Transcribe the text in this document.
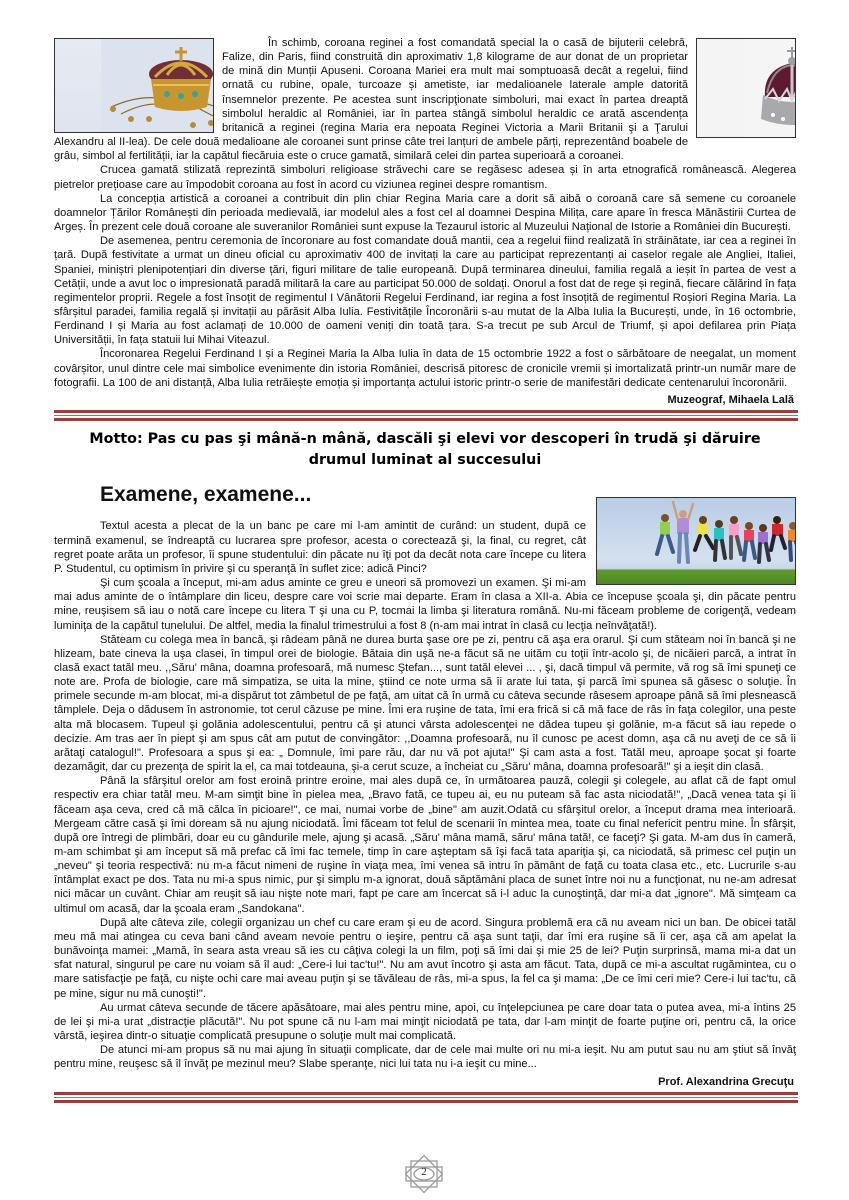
În schimb, coroana reginei a fost comandată special la o casă de bijuterii celebră, Falize, din Paris, fiind construită din aproximativ 1,8 kilograme de aur donat de un proprietar de mină din Munții Apuseni. Coroana Mariei era mult mai somptuoasă decât a regelui, fiind ornată cu rubine, opale, turcoaze și ametiste, iar medalioanele laterale ample datorită însemnelor prezente. Pe acestea sunt inscripţionate simboluri, mai exact în partea dreaptă simbolul heraldic al României, iar în partea stângă simbolul heraldic ce arată ascendența britanică a reginei (regina Maria era nepoata Reginei Victoria a Marii Britanii şi a Ţarului Alexandru al II-lea). De cele două medalioane ale coroanei sunt prinse câte trei lanțuri de ambele părți, reprezentând boabele de grâu, simbol al fertilității, iar la capătul fiecăruia este o cruce gamată, similară celei din partea superioară a coroanei.

Crucea gamată stilizată reprezintă simboluri religioase străvechi care se regăsesc adesea și în arta etnografică românească. Alegerea pietrelor prețioase care au împodobit coroana au fost în acord cu viziunea reginei despre romantism.

La concepția artistică a coroanei a contribuit din plin chiar Regina Maria care a dorit să aibă o coroană care să semene cu coroanele doamnelor Țărilor Românești din perioada medievală, iar modelul ales a fost cel al doamnei Despina Milița, care apare în fresca Mănăstirii Curtea de Argeș. În prezent cele două coroane ale suveranilor României sunt expuse la Tezaurul istoric al Muzeului Național de Istorie a României din București.

De asemenea, pentru ceremonia de încoronare au fost comandate două mantii, cea a regelui fiind realizată în străinătate, iar cea a reginei în țară. După festivitate a urmat un dineu oficial cu aproximativ 400 de invitați la care au participat reprezentanți ai caselor regale ale Angliei, Italiei, Spaniei, miniștri plenipotențiari din diverse țări, figuri militare de talie europeană. După terminarea dineului, familia regală a ieșit în partea de vest a Cetății, unde a avut loc o impresionată paradă militară la care au participat 50.000 de soldați. Onorul a fost dat de rege și regină, fiecare călărind în fața regimentelor proprii. Regele a fost însoțit de regimentul I Vânătorii Regelui Ferdinand, iar regina a fost însoțită de regimentul Roșiori Regina Maria. La sfârșitul paradei, familia regală și invitații au părăsit Alba Iulia. Festivitățile Încoronării s-au mutat de la Alba Iulia la București, unde, în 16 octombrie, Ferdinand I și Maria au fost aclamați de 10.000 de oameni veniți din toată țara. S-a trecut pe sub Arcul de Triumf, și apoi defilarea prin Piața Universității, în fața statuii lui Mihai Viteazul.

Încoronarea Regelui Ferdinand I și a Reginei Maria la Alba Iulia în data de 15 octombrie 1922 a fost o sărbătoare de neegalat, un moment covârșitor, unul dintre cele mai simbolice evenimente din istoria României, descrisă pitoresc de cronicile vremii și imortalizată printr-un număr mare de fotografii. La 100 de ani distanță, Alba Iulia retrăiește emoția și importanța actului istoric printr-o serie de manifestări dedicate centenarului încoronării.

Muzeograf, Mihaela Lală
Motto: Pas cu pas şi mână-n mână, dascăli şi elevi vor descoperi în trudă şi dăruire drumul luminat al succesului
Examene, examene...

Textul acesta a plecat de la un banc pe care mi l-am amintit de curând: un student, după ce termină examenul, se îndreaptă cu lucrarea spre profesor, acesta o corectează şi, la final, cu regret, cât regret poate arăta un profesor, îi spune studentului: din păcate nu îţi pot da decât nota care începe cu litera P. Studentul, cu optimism în privire şi cu speranţă în suflet zice: adică Pinci?

Şi cum şcoala a început, mi-am adus aminte ce greu e uneori să promovezi un examen. Şi mi-am mai adus aminte de o întâmplare din liceu, despre care voi scrie mai departe. Eram în clasa a XII-a. Abia ce începuse şcoala şi, din păcate pentru mine, reuşisem să iau o notă care începe cu litera T şi una cu P, tocmai la limba şi literatura română. Nu-mi făceam probleme de corigenţă, vedeam luminiţa de la capătul tunelului. De altfel, media la finalul trimestrului a fost 8 (n-am mai intrat în clasă cu lecţia neînvăţată!).

Stăteam cu colega mea în bancă, şi râdeam până ne durea burta şase ore pe zi, pentru că aşa era orarul. Şi cum stăteam noi în bancă şi ne hlizeam, bate cineva la uşa clasei, în timpul orei de biologie. Bătaia din uşă ne-a făcut să ne uităm cu toţii într-acolo şi, de nicăieri parcă, a intrat în clasă exact tatăl meu. ,,Săru' mâna, doamna profesoară, mă numesc Ştefan..., sunt tatăl elevei ... , şi, dacă timpul vă permite, vă rog să îmi spuneţi ce note are. Profa de biologie, care mă simpatiza, se uita la mine, ştiind ce note urma să îi arate lui tata, şi parcă îmi spunea să găsesc o soluţie. În primele secunde m-am blocat, mi-a dispărut tot zâmbetul de pe faţă, am uitat că în urmă cu câteva secunde râsesem aproape până să îmi plesnească tâmplele. Deja o dădusem în astronomie, tot cerul căzuse pe mine. Îmi era ruşine de tata, îmi era frică si că mă face de râs în faţa colegilor, una peste alta mă blocasem. Tupeul şi golănia adolescentului, pentru că şi atunci vârsta adolescenţei ne dădea tupeu şi golănie, m-a făcut să iau repede o decizie. Am tras aer în piept şi am spus cât am putut de convingător: ,,Doamna profesoară, nu îl cunosc pe acest domn, aşa că nu aveţi de ce să îi arătaţi catalogul!". Profesoara a spus şi ea: „ Domnule, îmi pare rău, dar nu vă pot ajuta!" Şi cam asta a fost. Tatăl meu, aproape şocat şi foarte dezamăgit, dar cu prezenţa de spirit la el, ca mai totdeauna, şi-a cerut scuze, a încheiat cu „Săru' mâna, doamna profesoară!" şi a ieşit din clasă.

Până la sfârşitul orelor am fost eroină printre eroine, mai ales după ce, în următoarea pauză, colegii şi colegele, au aflat că de fapt omul respectiv era chiar tatăl meu. M-am simţit bine în pielea mea, „Bravo fată, ce tupeu ai, eu nu puteam să fac asta niciodată!", „Dacă venea tata şi îi făceam aşa ceva, cred că mă călca în picioare!", ce mai, numai vorbe de „bine" am auzit.Odată cu sfârşitul orelor, a început drama mea interioară. Mergeam către casă şi îmi doream să nu ajung niciodată. Îmi făceam tot felul de scenarii în mintea mea, toate cu final nefericit pentru mine. În sfârşit, după ore întregi de plimbări, doar eu cu gândurile mele, ajung şi acasă. „Săru' mâna mamă, săru' mâna tată!, ce faceţi? Şi gata. M-am dus în cameră, m-am schimbat şi am început să mă prefac că îmi fac temele, timp în care aşteptam să îşi facă tata apariţia şi, ca niciodată, să primesc cel puţin un „neveu" şi teoria respectivă: nu m-a făcut nimeni de ruşine în viaţa mea, îmi venea să intru în pământ de faţă cu toata clasa etc., etc. Lucrurile s-au întâmplat exact pe dos. Tata nu mi-a spus nimic, pur şi simplu m-a ignorat, două săptămâni placa de sunet între noi nu a funcţionat, nu ne-am adresat nici măcar un cuvânt. Chiar am reuşit să iau nişte note mari, fapt pe care am încercat să i-l aduc la cunoştinţă, dar mi-a dat „ignore". Mă simţeam ca ultimul om acasă, dar la şcoala eram „Sandokana".

După alte câteva zile, colegii organizau un chef cu care eram şi eu de acord. Singura problemă era că nu aveam nici un ban. De obicei tatăl meu mă mai atingea cu ceva bani când aveam nevoie pentru o ieşire, pentru că aşa sunt taţii, dar îmi era ruşine să îi cer, aşa că am apelat la bunăvoinţa mamei: „Mamă, în seara asta vreau să ies cu câţiva colegi la un film, poţi să îmi dai şi mie 25 de lei? Puţin surprinsă, mama mi-a dat un sfat natural, singurul pe care nu voiam să îl aud: „Cere-i lui tac'tu!". Nu am avut încotro şi asta am făcut. Tata, după ce mi-a ascultat rugămintea, cu o mare satisfacţie pe faţă, cu nişte ochi care mai aveau puţin şi se tăvăleau de râs, mi-a spus, la fel ca şi mama: „De ce îmi ceri mie? Cere-i lui tac'tu, că pe mine, sigur nu mă cunoşti!".

Au urmat câteva secunde de tăcere apăsătoare, mai ales pentru mine, apoi, cu înţelepciunea pe care doar tata o putea avea, mi-a întins 25 de lei şi mi-a urat „distracţie plăcută!". Nu pot spune că nu l-am mai minţit niciodată pe tata, dar l-am minţit de foarte puţine ori, pentru că, la orice vârstă, ieşirea dintr-o situaţie complicată presupune o soluţie mult mai complicată.

De atunci mi-am propus să nu mai ajung în situaţii complicate, dar de cele mai multe ori nu mi-a ieşit. Nu am putut sau nu am ştiut să învăţ pentru mine, reuşesc să îl învăţ pe mezinul meu? Slabe speranţe, nici lui tata nu i-a ieşit cu mine...

Prof. Alexandrina Grecuţu
2
